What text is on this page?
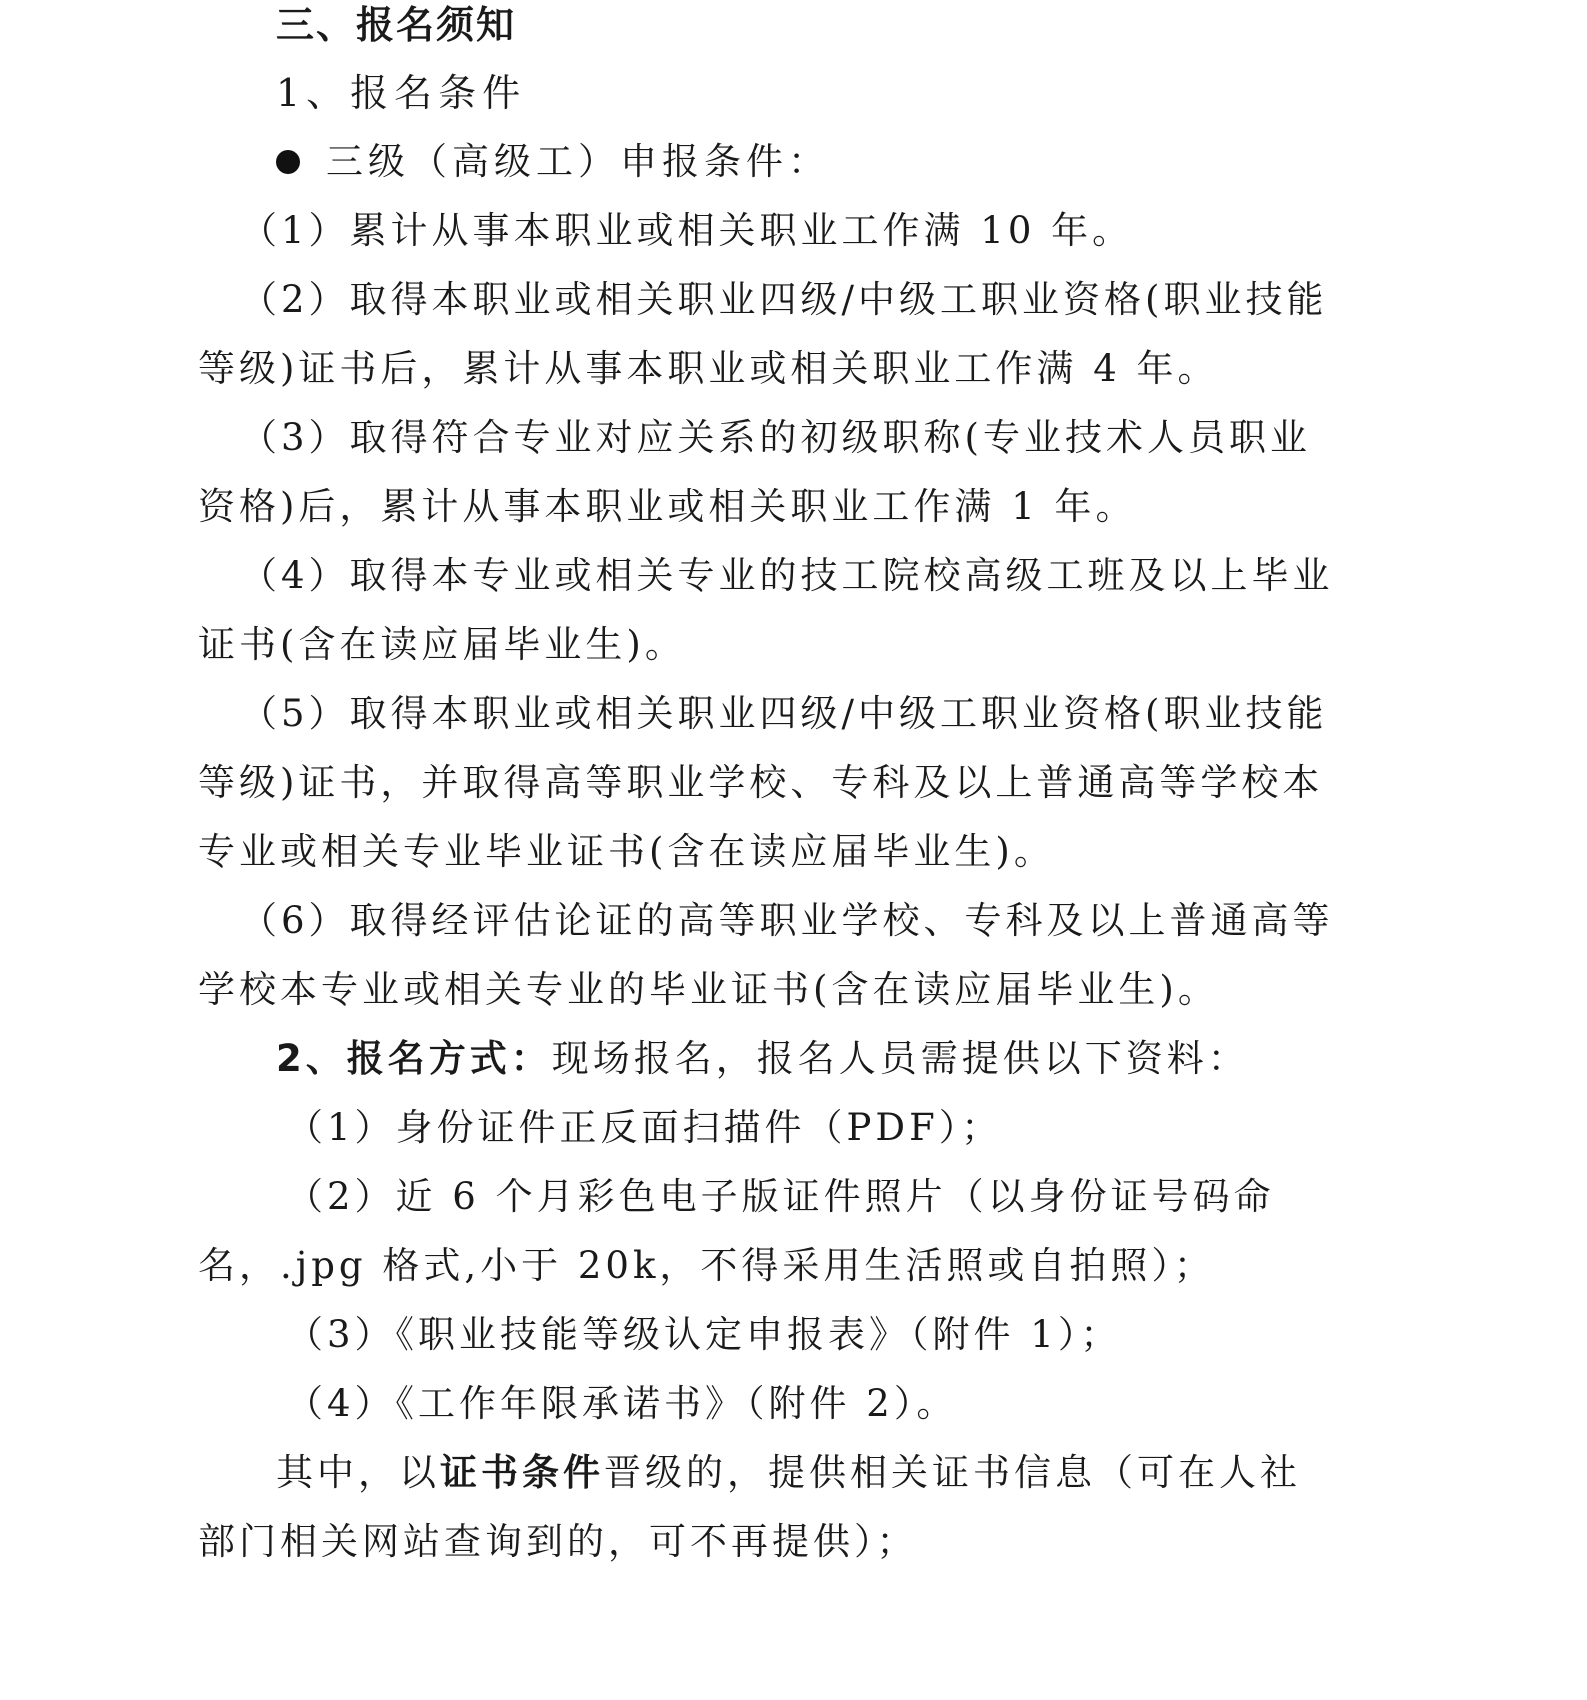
三、报名须知
1、报名条件
三级（高级工）申报条件：
（1）累计从事本职业或相关职业工作满 10 年。
（2）取得本职业或相关职业四级/中级工职业资格(职业技能
等级)证书后，累计从事本职业或相关职业工作满 4 年。
（3）取得符合专业对应关系的初级职称(专业技术人员职业
资格)后，累计从事本职业或相关职业工作满 1 年。
（4）取得本专业或相关专业的技工院校高级工班及以上毕业
证书(含在读应届毕业生)。
（5）取得本职业或相关职业四级/中级工职业资格(职业技能
等级)证书，并取得高等职业学校、专科及以上普通高等学校本
专业或相关专业毕业证书(含在读应届毕业生)。
（6）取得经评估论证的高等职业学校、专科及以上普通高等
学校本专业或相关专业的毕业证书(含在读应届毕业生)。
2、报名方式：现场报名，报名人员需提供以下资料：
（1）身份证件正反面扫描件（PDF）；
（2）近 6 个月彩色电子版证件照片（以身份证号码命
名，.jpg 格式,小于 20k，不得采用生活照或自拍照）；
（3）《职业技能等级认定申报表》（附件 1）；
（4）《工作年限承诺书》（附件 2）。
其中，以证书条件晋级的，提供相关证书信息（可在人社
部门相关网站查询到的，可不再提供）；
